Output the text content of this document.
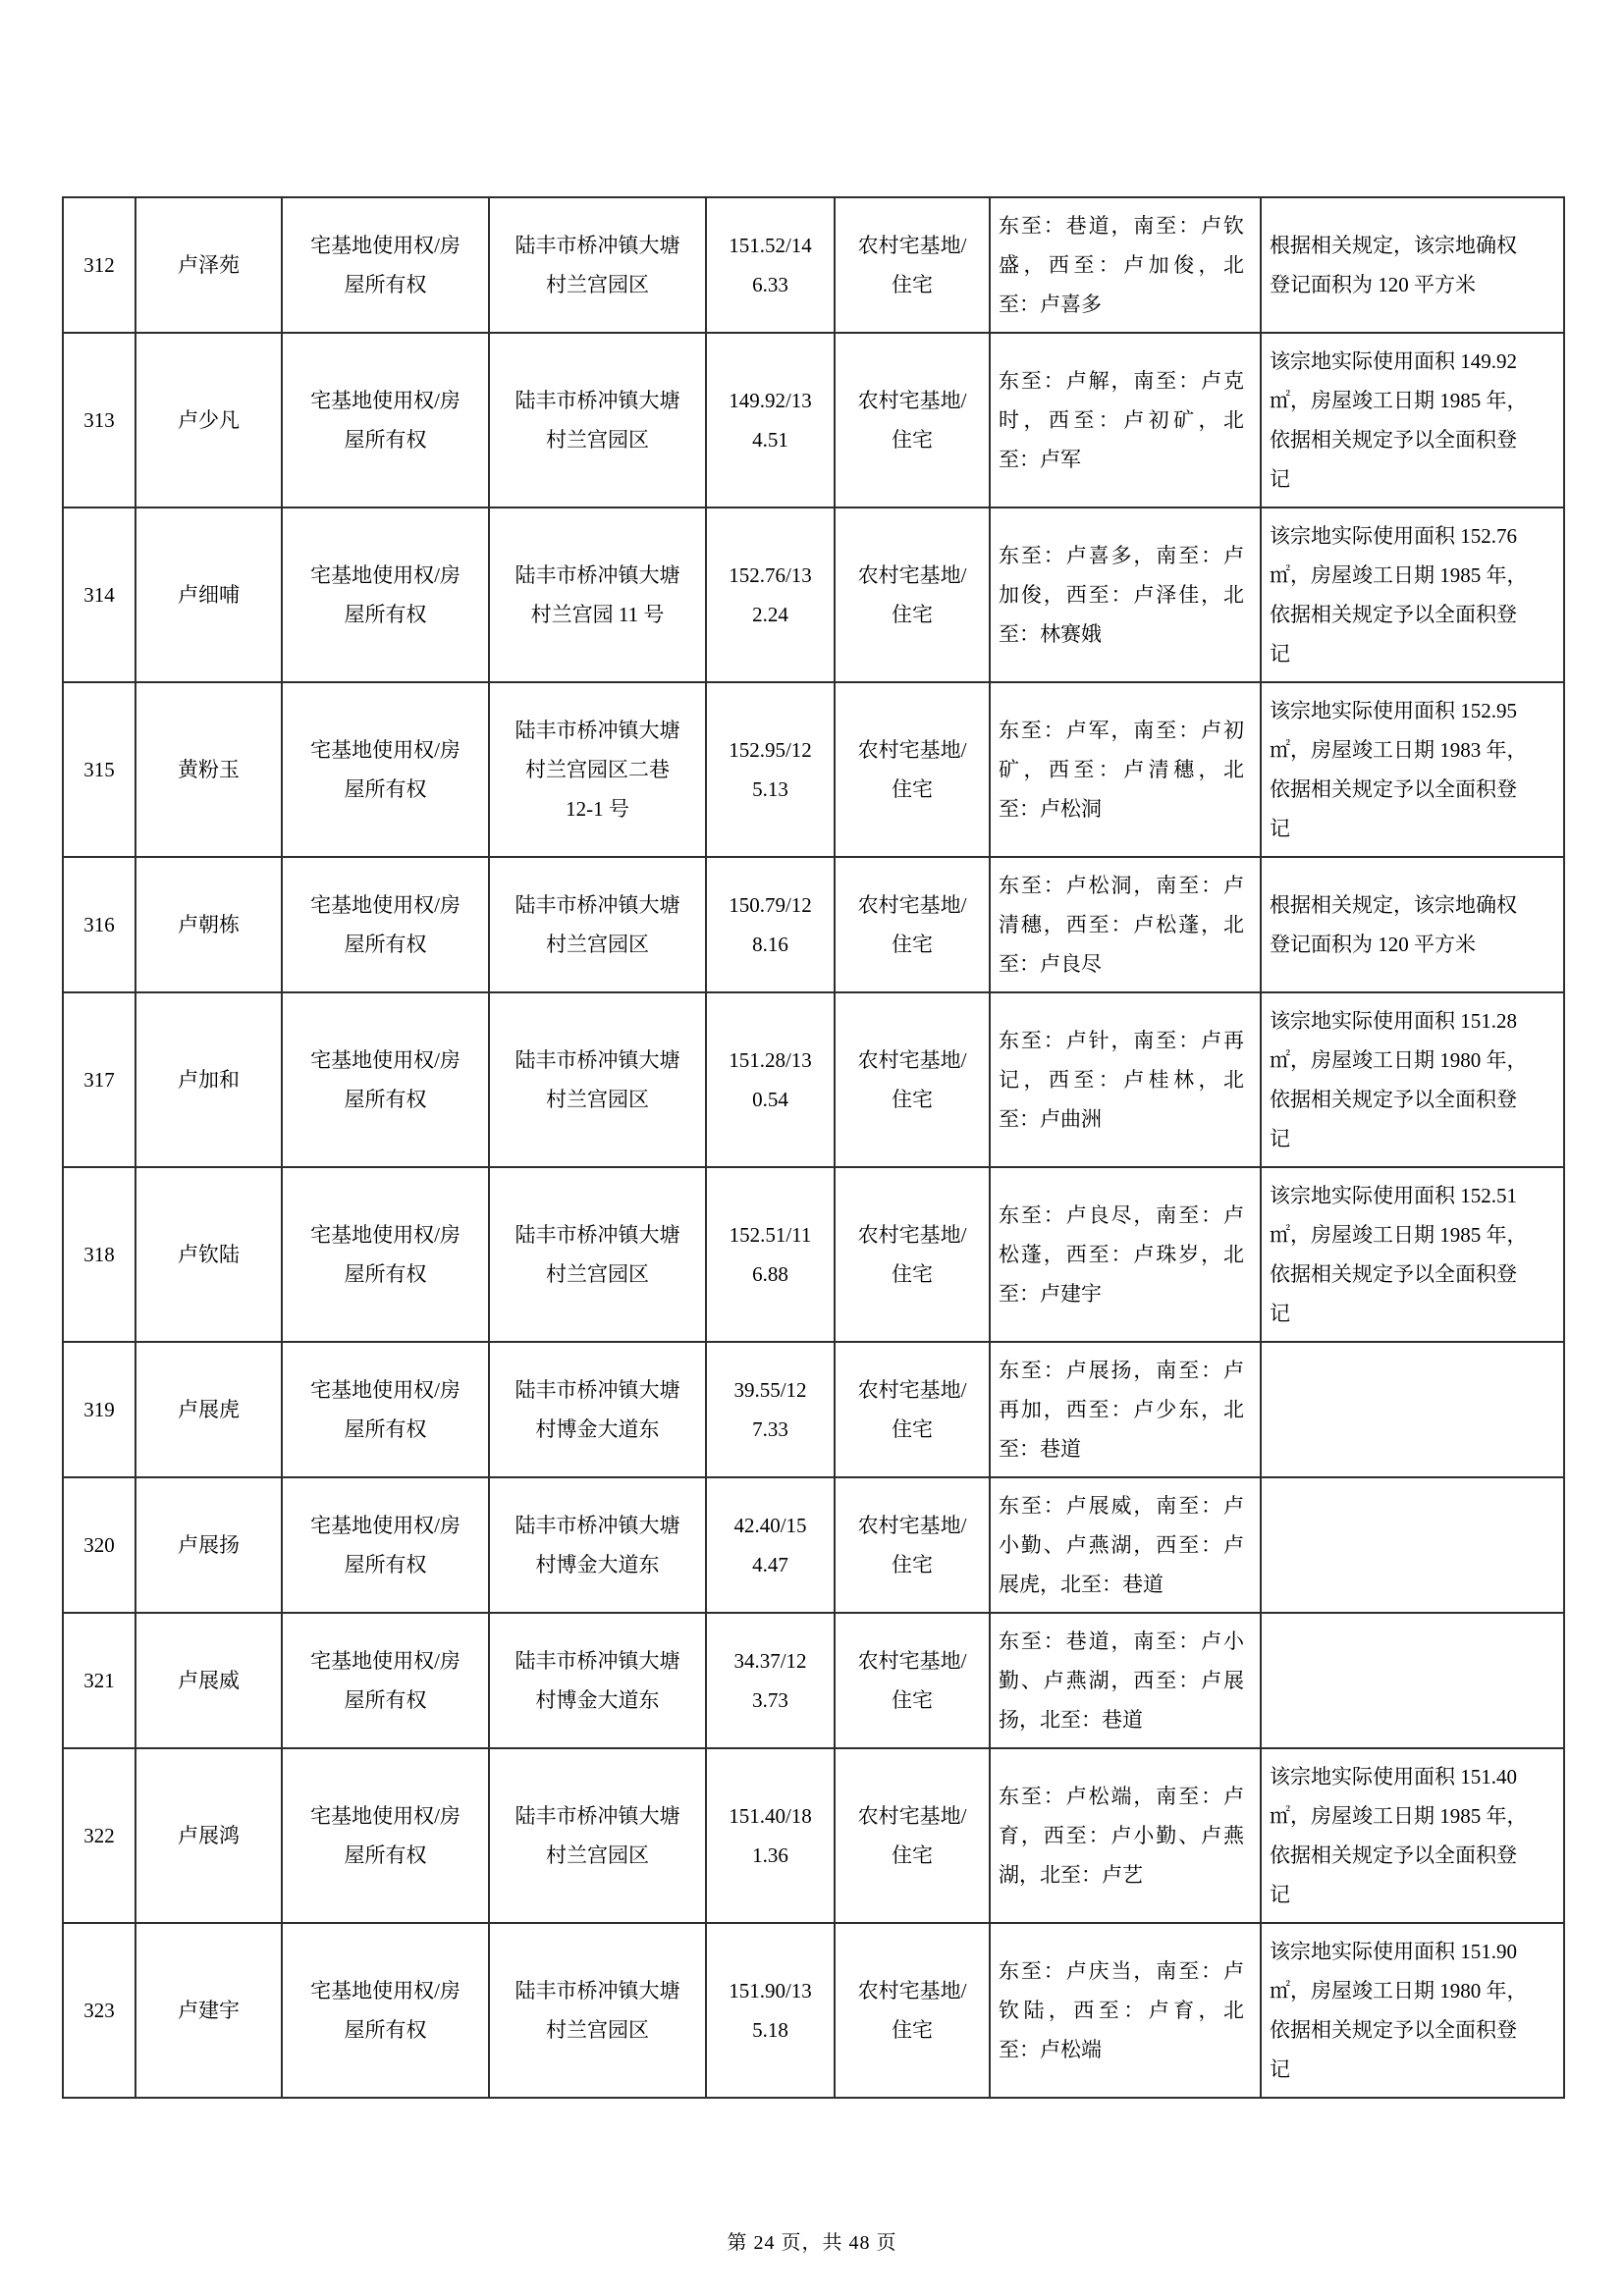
312	卢泽苑	宅基地使用权/房屋所有权	陆丰市桥冲镇大塘村兰宫园区	151.52/146.33	农村宅基地/住宅	东至：巷道，南至：卢钦盛，西至：卢加俊，北至：卢喜多	根据相关规定，该宗地确权登记面积为 120 平方米

313	卢少凡	宅基地使用权/房屋所有权	陆丰市桥冲镇大塘村兰宫园区	149.92/134.51	农村宅基地/住宅	东至：卢解，南至：卢克时，西至：卢初矿，北至：卢军	该宗地实际使用面积 149.92㎡，房屋竣工日期 1985 年，依据相关规定予以全面积登记

314	卢细哺	宅基地使用权/房屋所有权	陆丰市桥冲镇大塘村兰宫园 11 号	152.76/132.24	农村宅基地/住宅	东至：卢喜多，南至：卢加俊，西至：卢泽佳，北至：林赛娥	该宗地实际使用面积 152.76㎡，房屋竣工日期 1985 年，依据相关规定予以全面积登记

315	黄粉玉	宅基地使用权/房屋所有权	陆丰市桥冲镇大塘村兰宫园区二巷 12-1 号	152.95/125.13	农村宅基地/住宅	东至：卢军，南至：卢初矿，西至：卢清穗，北至：卢松洞	该宗地实际使用面积 152.95㎡，房屋竣工日期 1983 年，依据相关规定予以全面积登记

316	卢朝栋	宅基地使用权/房屋所有权	陆丰市桥冲镇大塘村兰宫园区	150.79/128.16	农村宅基地/住宅	东至：卢松洞，南至：卢清穗，西至：卢松蓬，北至：卢良尽	根据相关规定，该宗地确权登记面积为 120 平方米

317	卢加和	宅基地使用权/房屋所有权	陆丰市桥冲镇大塘村兰宫园区	151.28/130.54	农村宅基地/住宅	东至：卢针，南至：卢再记，西至：卢桂林，北至：卢曲洲	该宗地实际使用面积 151.28㎡，房屋竣工日期 1980 年，依据相关规定予以全面积登记

318	卢钦陆	宅基地使用权/房屋所有权	陆丰市桥冲镇大塘村兰宫园区	152.51/116.88	农村宅基地/住宅	东至：卢良尽，南至：卢松蓬，西至：卢珠岁，北至：卢建宇	该宗地实际使用面积 152.51㎡，房屋竣工日期 1985 年，依据相关规定予以全面积登记

319	卢展虎	宅基地使用权/房屋所有权	陆丰市桥冲镇大塘村博金大道东	39.55/127.33	农村宅基地/住宅	东至：卢展扬，南至：卢再加，西至：卢少东，北至：巷道	

320	卢展扬	宅基地使用权/房屋所有权	陆丰市桥冲镇大塘村博金大道东	42.40/154.47	农村宅基地/住宅	东至：卢展威，南至：卢小勤、卢燕湖，西至：卢展虎，北至：巷道	

321	卢展威	宅基地使用权/房屋所有权	陆丰市桥冲镇大塘村博金大道东	34.37/123.73	农村宅基地/住宅	东至：巷道，南至：卢小勤、卢燕湖，西至：卢展扬，北至：巷道	

322	卢展鸿	宅基地使用权/房屋所有权	陆丰市桥冲镇大塘村兰宫园区	151.40/181.36	农村宅基地/住宅	东至：卢松端，南至：卢育，西至：卢小勤、卢燕湖，北至：卢艺	该宗地实际使用面积 151.40㎡，房屋竣工日期 1985 年，依据相关规定予以全面积登记

323	卢建宇	宅基地使用权/房屋所有权	陆丰市桥冲镇大塘村兰宫园区	151.90/135.18	农村宅基地/住宅	东至：卢庆当，南至：卢钦陆，西至：卢育，北至：卢松端	该宗地实际使用面积 151.90㎡，房屋竣工日期 1980 年，依据相关规定予以全面积登记
第 24 页，共 48 页
